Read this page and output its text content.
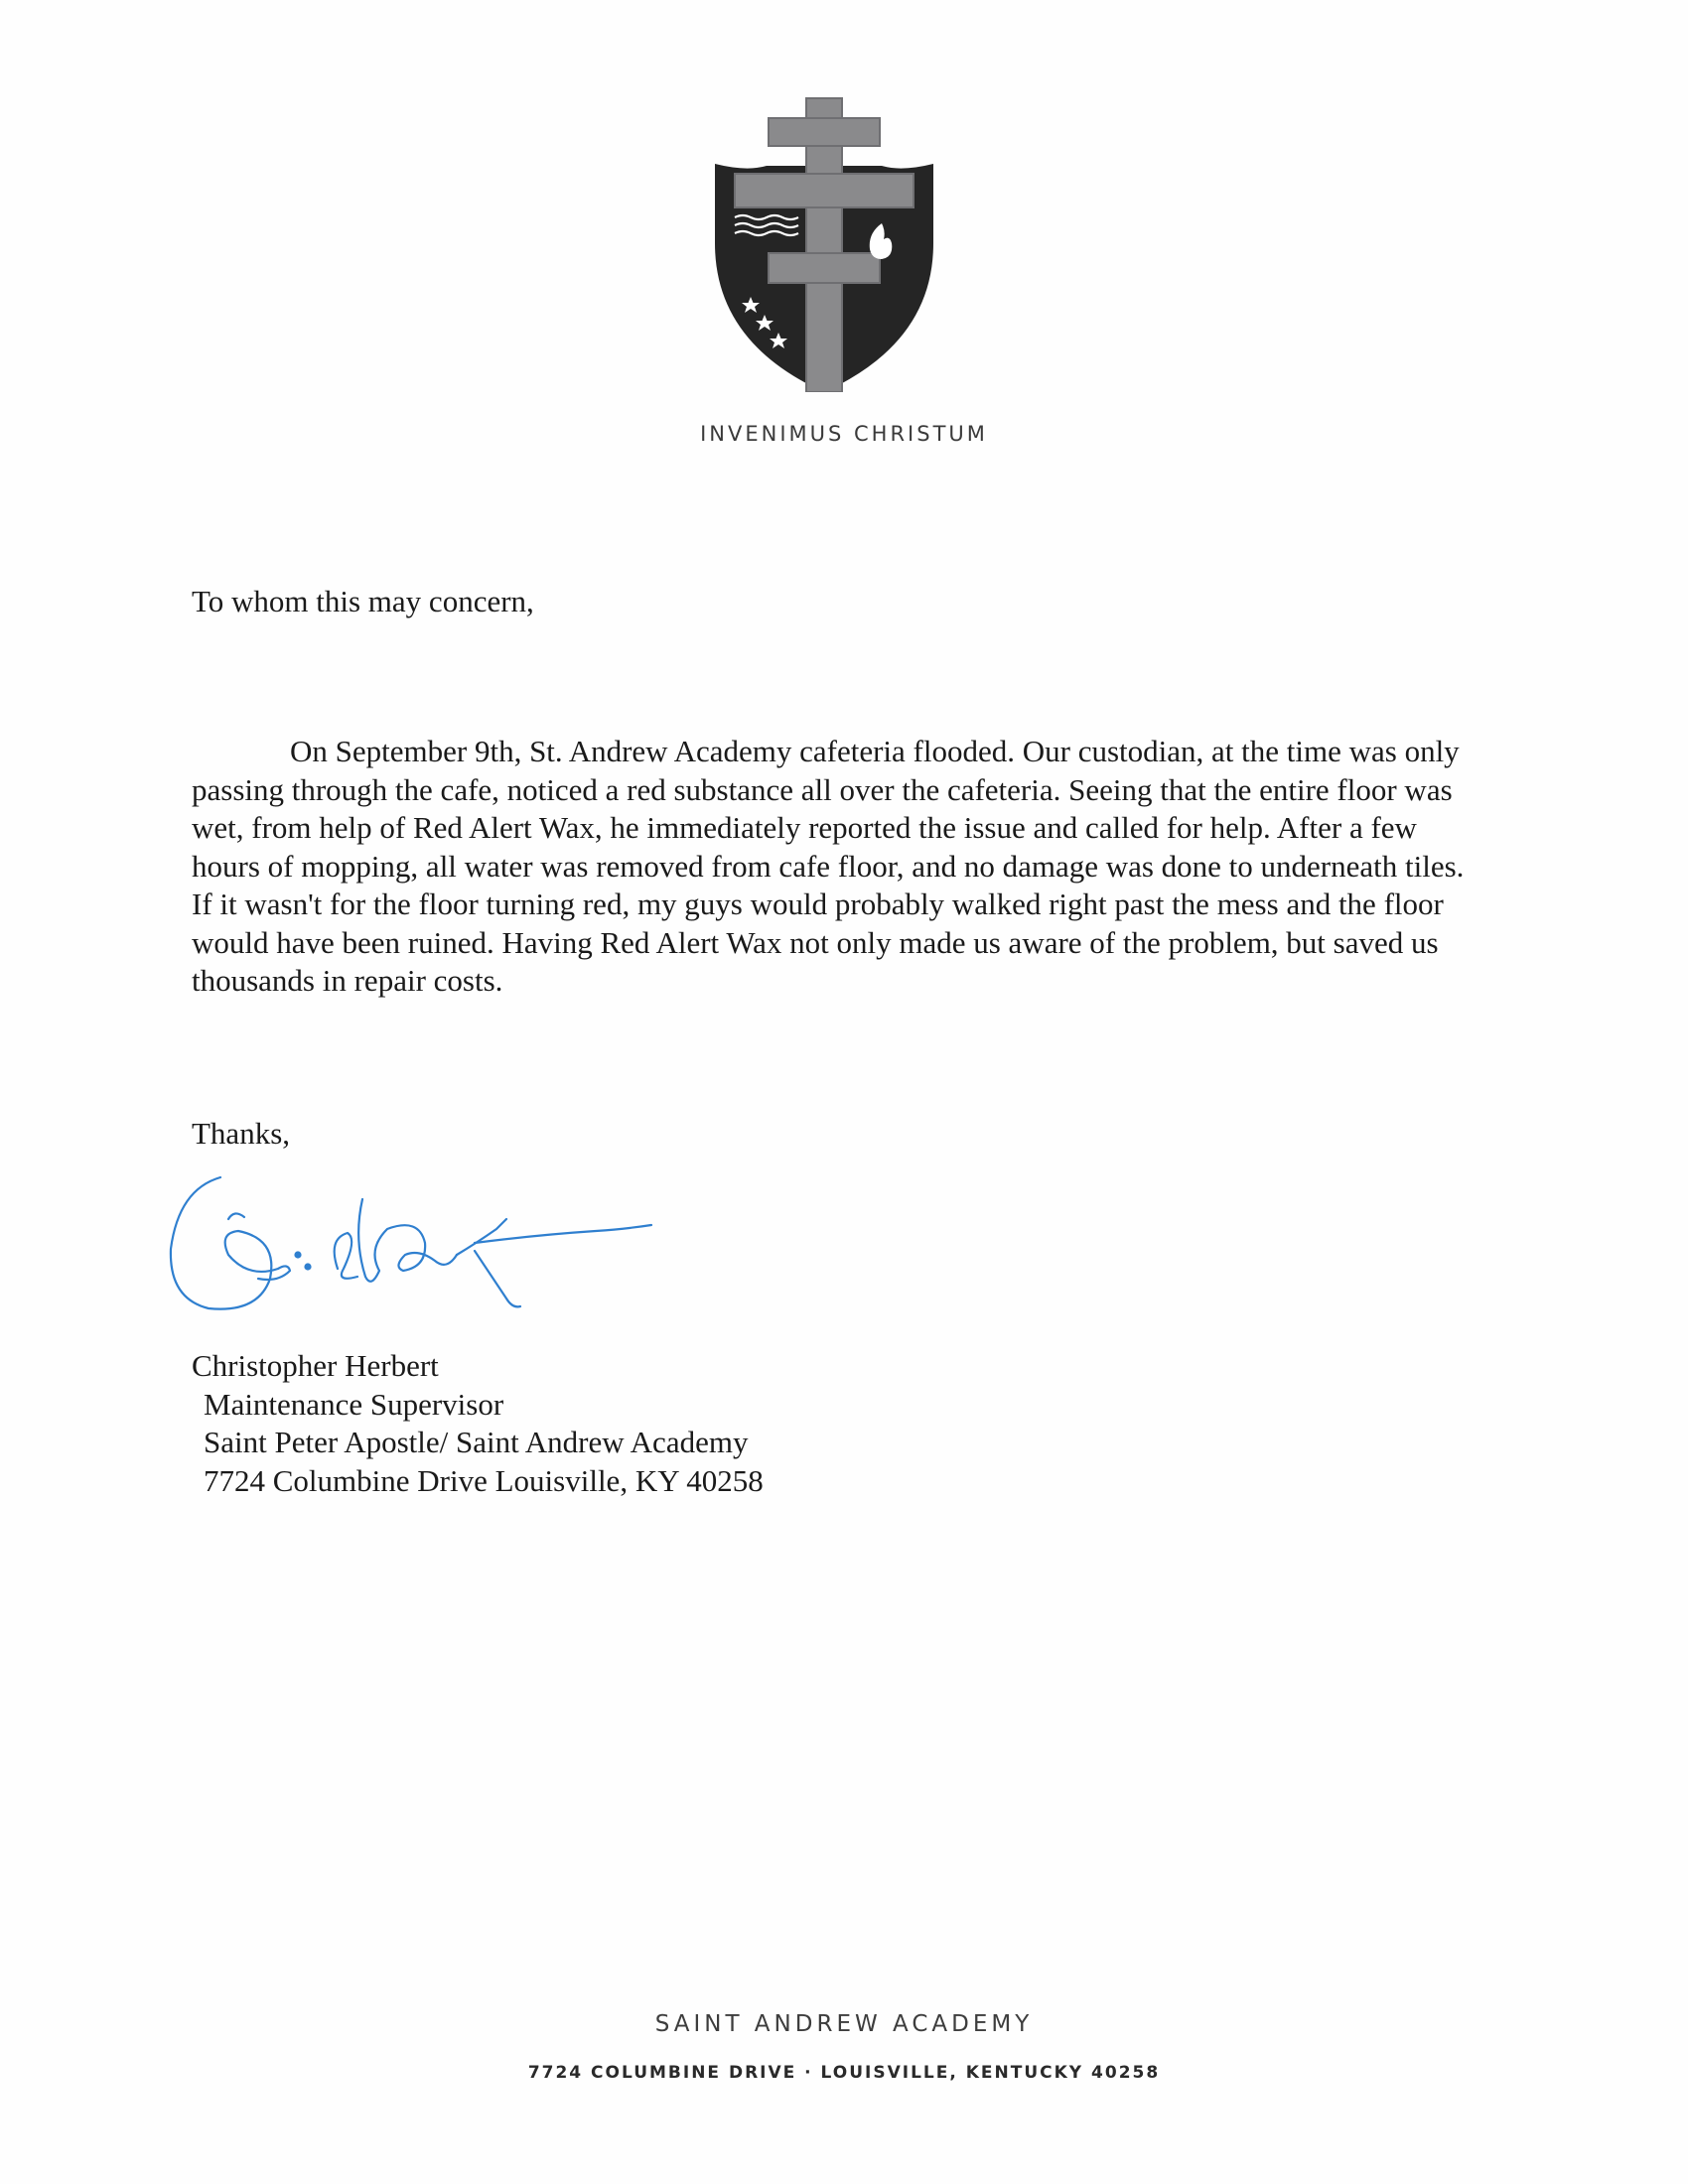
INVENIMUS CHRISTUM
To whom this may concern,
On September 9th, St. Andrew Academy cafeteria flooded. Our custodian, at the time was only passing through the cafe, noticed a red substance all over the cafeteria. Seeing that the entire floor was wet, from help of Red Alert Wax, he immediately reported the issue and called for help. After a few hours of mopping, all water was removed from cafe floor, and no damage was done to underneath tiles. If it wasn't for the floor turning red, my guys would probably walked right past the mess and the floor would have been ruined. Having Red Alert Wax not only made us aware of the problem, but saved us thousands in repair costs.
Thanks,
Christopher Herbert
Maintenance Supervisor
Saint Peter Apostle/ Saint Andrew Academy
7724 Columbine Drive Louisville, KY 40258
SAINT ANDREW ACADEMY
7724 COLUMBINE DRIVE · LOUISVILLE, KENTUCKY 40258
